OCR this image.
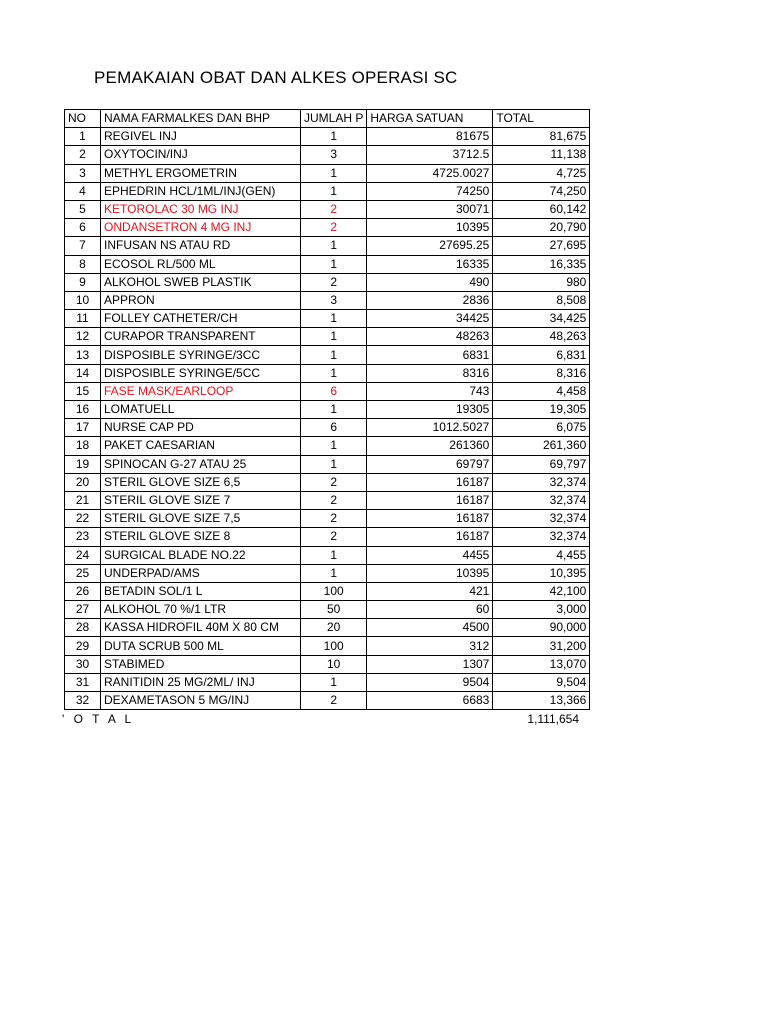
PEMAKAIAN OBAT DAN ALKES OPERASI SC
NO	NAMA FARMALKES DAN BHP	JUMLAH P	HARGA SATUAN	TOTAL
1	REGIVEL INJ	1	81675	81,675
2	OXYTOCIN/INJ	3	3712.5	11,138
3	METHYL ERGOMETRIN	1	4725.0027	4,725
4	EPHEDRIN HCL/1ML/INJ(GEN)	1	74250	74,250
5	KETOROLAC 30 MG INJ	2	30071	60,142
6	ONDANSETRON 4 MG INJ	2	10395	20,790
7	INFUSAN NS ATAU RD	1	27695.25	27,695
8	ECOSOL RL/500 ML	1	16335	16,335
9	ALKOHOL SWEB PLASTIK	2	490	980
10	APPRON	3	2836	8,508
11	FOLLEY CATHETER/CH	1	34425	34,425
12	CURAPOR TRANSPARENT	1	48263	48,263
13	DISPOSIBLE SYRINGE/3CC	1	6831	6,831
14	DISPOSIBLE SYRINGE/5CC	1	8316	8,316
15	FASE MASK/EARLOOP	6	743	4,458
16	LOMATUELL	1	19305	19,305
17	NURSE CAP PD	6	1012.5027	6,075
18	PAKET CAESARIAN	1	261360	261,360
19	SPINOCAN G-27 ATAU 25	1	69797	69,797
20	STERIL GLOVE SIZE 6,5	2	16187	32,374
21	STERIL GLOVE SIZE 7	2	16187	32,374
22	STERIL GLOVE SIZE 7,5	2	16187	32,374
23	STERIL GLOVE SIZE 8	2	16187	32,374
24	SURGICAL BLADE NO.22	1	4455	4,455
25	UNDERPAD/AMS	1	10395	10,395
26	BETADIN SOL/1 L	100	421	42,100
27	ALKOHOL 70 %/1 LTR	50	60	3,000
28	KASSA HIDROFIL 40M X 80 CM	20	4500	90,000
29	DUTA SCRUB 500 ML	100	312	31,200
30	STABIMED	10	1307	13,070
31	RANITIDIN 25 MG/2ML/ INJ	1	9504	9,504
32	DEXAMETASON 5 MG/INJ	2	6683	13,366
' O T A L	1,111,654
